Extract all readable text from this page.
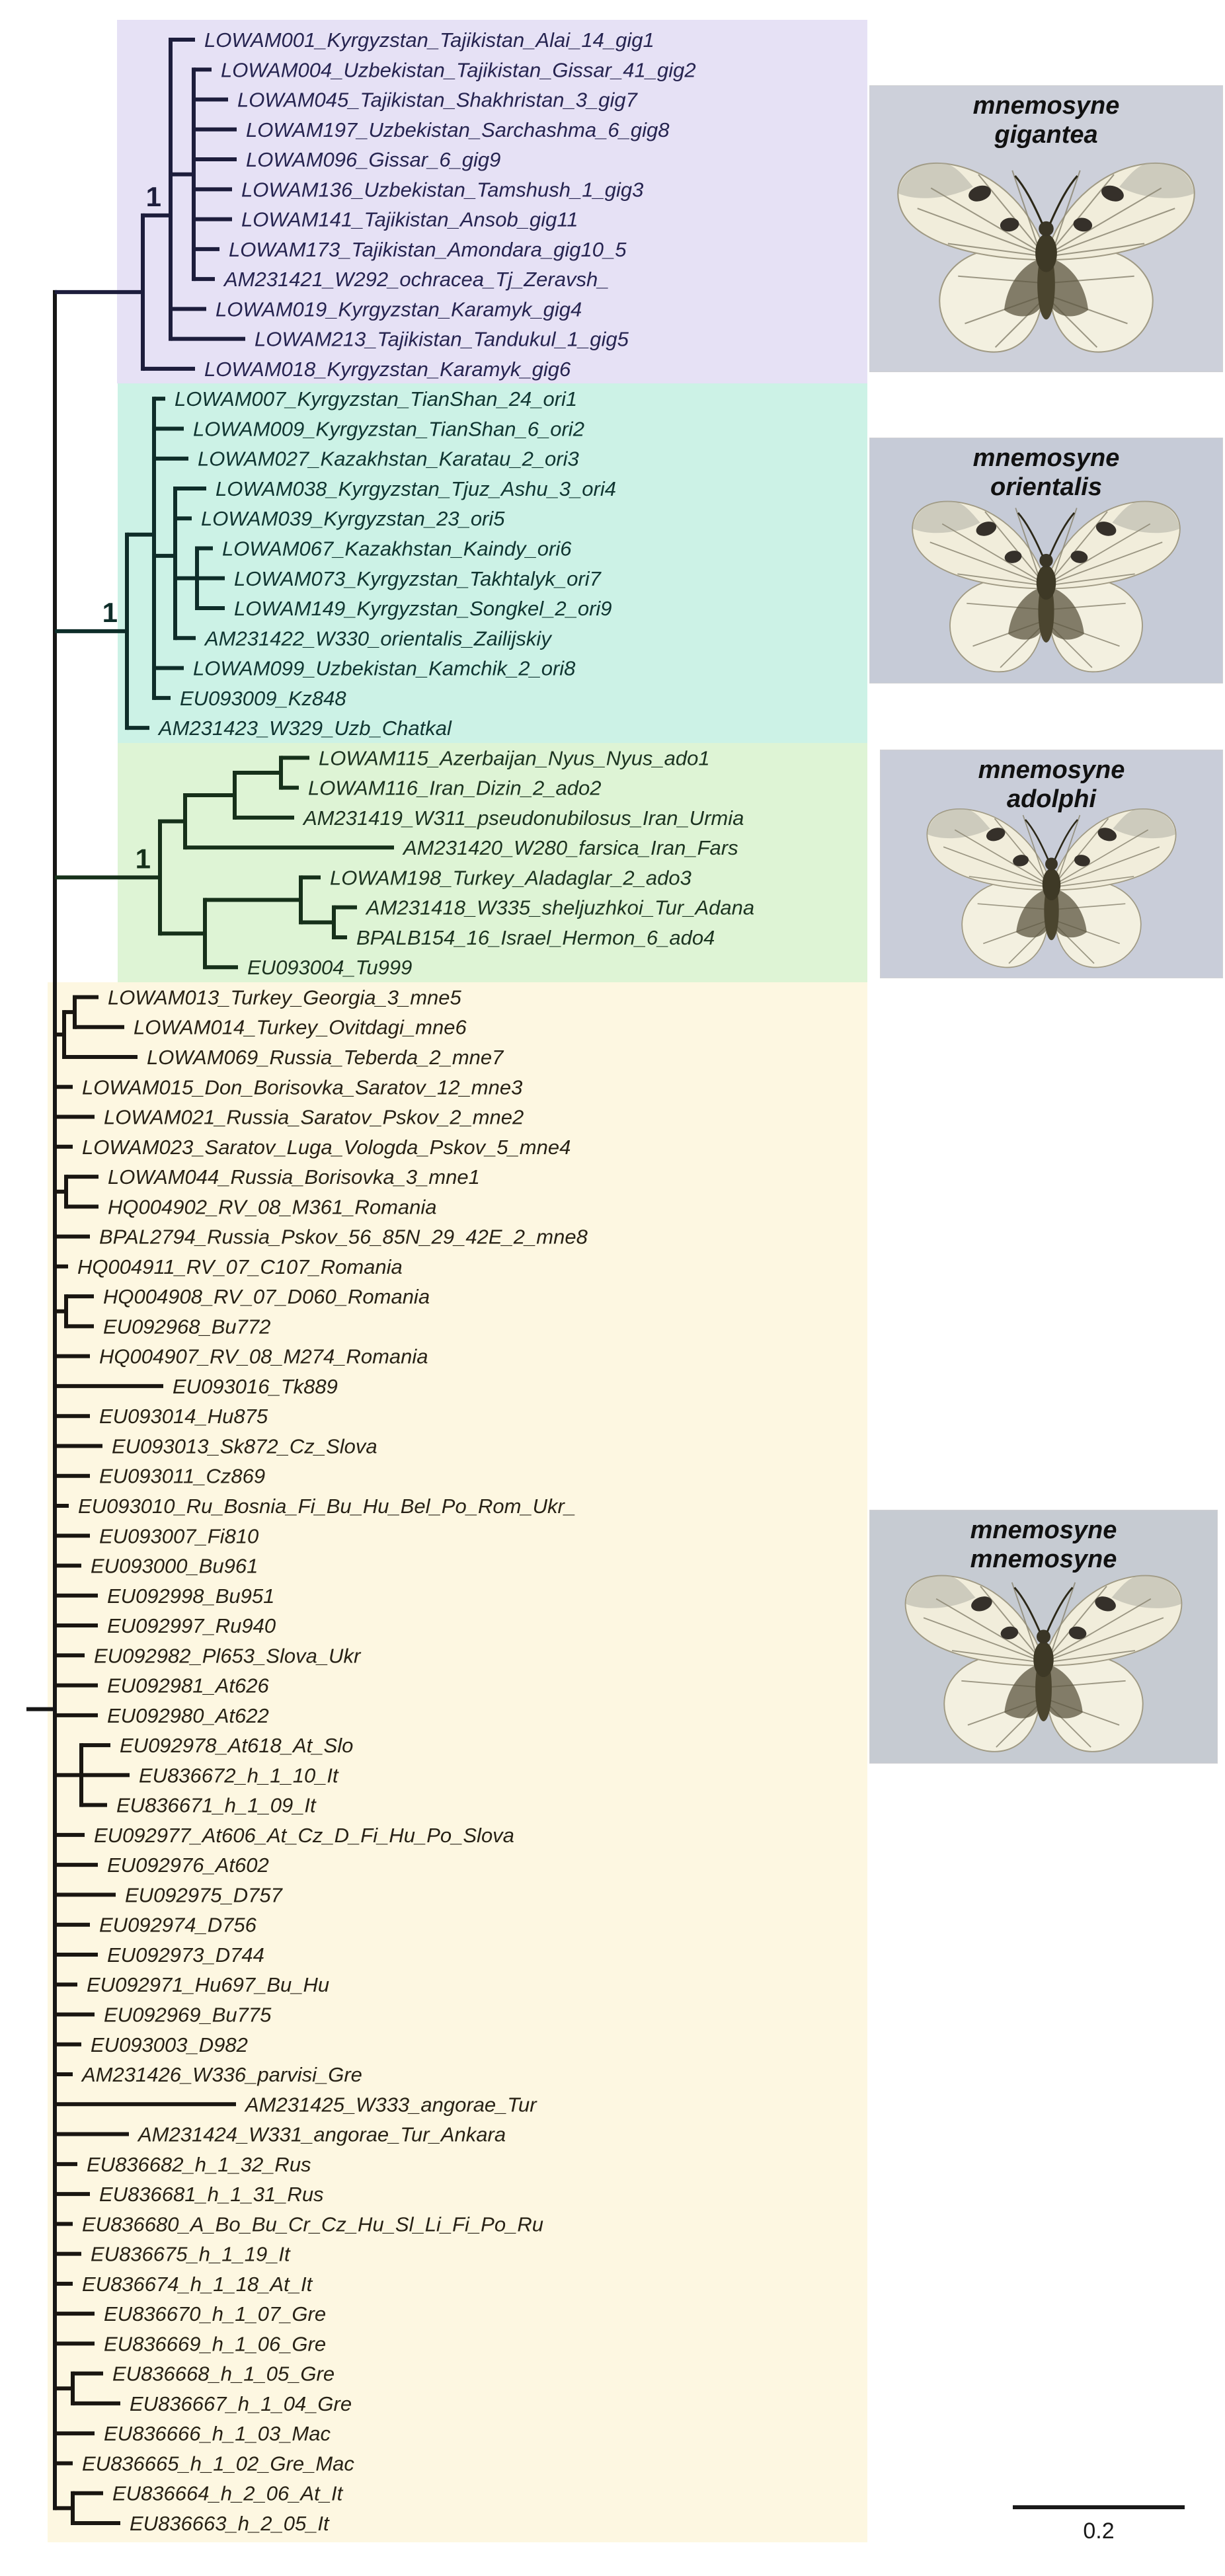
1
LOWAM001_Kyrgyzstan_Tajikistan_Alai_14_gig1
LOWAM004_Uzbekistan_Tajikistan_Gissar_41_gig2
LOWAM045_Tajikistan_Shakhristan_3_gig7
LOWAM197_Uzbekistan_Sarchashma_6_gig8
LOWAM096_Gissar_6_gig9
LOWAM136_Uzbekistan_Tamshush_1_gig3
LOWAM141_Tajikistan_Ansob_gig11
LOWAM173_Tajikistan_Amondara_gig10_5
AM231421_W292_ochracea_Tj_Zeravsh_
LOWAM019_Kyrgyzstan_Karamyk_gig4
LOWAM213_Tajikistan_Tandukul_1_gig5
LOWAM018_Kyrgyzstan_Karamyk_gig6
1
LOWAM007_Kyrgyzstan_TianShan_24_ori1
LOWAM009_Kyrgyzstan_TianShan_6_ori2
LOWAM027_Kazakhstan_Karatau_2_ori3
LOWAM038_Kyrgyzstan_Tjuz_Ashu_3_ori4
LOWAM039_Kyrgyzstan_23_ori5
LOWAM067_Kazakhstan_Kaindy_ori6
LOWAM073_Kyrgyzstan_Takhtalyk_ori7
LOWAM149_Kyrgyzstan_Songkel_2_ori9
AM231422_W330_orientalis_Zailijskiy
LOWAM099_Uzbekistan_Kamchik_2_ori8
EU093009_Kz848
AM231423_W329_Uzb_Chatkal
1
LOWAM115_Azerbaijan_Nyus_Nyus_ado1
LOWAM116_Iran_Dizin_2_ado2
AM231419_W311_pseudonubilosus_Iran_Urmia
AM231420_W280_farsica_Iran_Fars
LOWAM198_Turkey_Aladaglar_2_ado3
AM231418_W335_sheljuzhkoi_Tur_Adana
BPALB154_16_Israel_Hermon_6_ado4
EU093004_Tu999
LOWAM013_Turkey_Georgia_3_mne5
LOWAM014_Turkey_Ovitdagi_mne6
LOWAM069_Russia_Teberda_2_mne7
LOWAM015_Don_Borisovka_Saratov_12_mne3
LOWAM021_Russia_Saratov_Pskov_2_mne2
LOWAM023_Saratov_Luga_Vologda_Pskov_5_mne4
LOWAM044_Russia_Borisovka_3_mne1
HQ004902_RV_08_M361_Romania
BPAL2794_Russia_Pskov_56_85N_29_42E_2_mne8
HQ004911_RV_07_C107_Romania
HQ004908_RV_07_D060_Romania
EU092968_Bu772
HQ004907_RV_08_M274_Romania
EU093016_Tk889
EU093014_Hu875
EU093013_Sk872_Cz_Slova
EU093011_Cz869
EU093010_Ru_Bosnia_Fi_Bu_Hu_Bel_Po_Rom_Ukr_
EU093007_Fi810
EU093000_Bu961
EU092998_Bu951
EU092997_Ru940
EU092982_Pl653_Slova_Ukr
EU092981_At626
EU092980_At622
EU092978_At618_At_Slo
EU836672_h_1_10_It
EU836671_h_1_09_It
EU092977_At606_At_Cz_D_Fi_Hu_Po_Slova
EU092976_At602
EU092975_D757
EU092974_D756
EU092973_D744
EU092971_Hu697_Bu_Hu
EU092969_Bu775
EU093003_D982
AM231426_W336_parvisi_Gre
AM231425_W333_angorae_Tur
AM231424_W331_angorae_Tur_Ankara
EU836682_h_1_32_Rus
EU836681_h_1_31_Rus
EU836680_A_Bo_Bu_Cr_Cz_Hu_Sl_Li_Fi_Po_Ru
EU836675_h_1_19_It
EU836674_h_1_18_At_It
EU836670_h_1_07_Gre
EU836669_h_1_06_Gre
EU836668_h_1_05_Gre
EU836667_h_1_04_Gre
EU836666_h_1_03_Mac
EU836665_h_1_02_Gre_Mac
EU836664_h_2_06_At_It
EU836663_h_2_05_It
mnemosyne
gigantea
mnemosyne
orientalis
mnemosyne
adolphi
mnemosyne
mnemosyne
0.2
